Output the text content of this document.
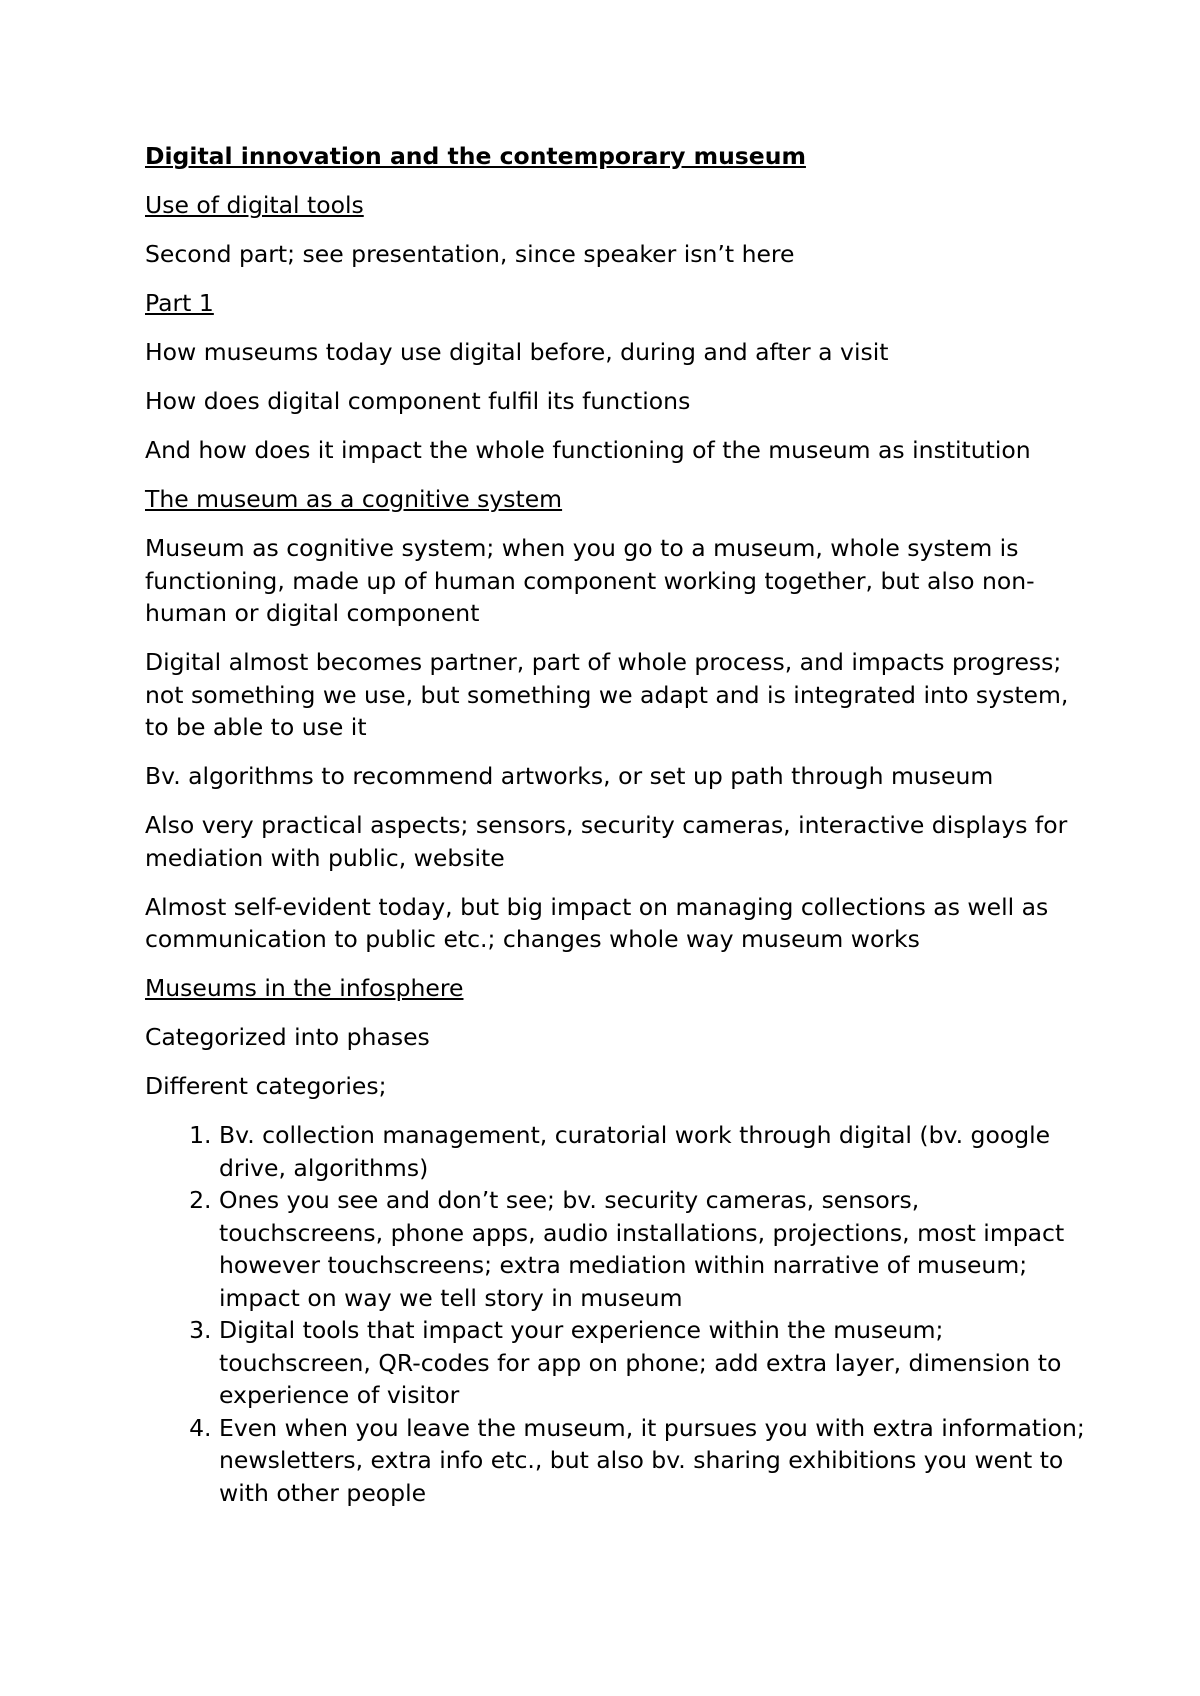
Digital innovation and the contemporary museum

Use of digital tools

Second part; see presentation, since speaker isn’t here

Part 1

How museums today use digital before, during and after a visit

How does digital component fulfil its functions

And how does it impact the whole functioning of the museum as institution

The museum as a cognitive system

Museum as cognitive system; when you go to a museum, whole system is functioning, made up of human component working together, but also non-human or digital component

Digital almost becomes partner, part of whole process, and impacts progress; not something we use, but something we adapt and is integrated into system, to be able to use it

Bv. algorithms to recommend artworks, or set up path through museum

Also very practical aspects; sensors, security cameras, interactive displays for mediation with public, website

Almost self-evident today, but big impact on managing collections as well as communication to public etc.; changes whole way museum works

Museums in the infosphere

Categorized into phases

Different categories;

1. Bv. collection management, curatorial work through digital (bv. google drive, algorithms)
2. Ones you see and don’t see; bv. security cameras, sensors, touchscreens, phone apps, audio installations, projections, most impact however touchscreens; extra mediation within narrative of museum; impact on way we tell story in museum
3. Digital tools that impact your experience within the museum; touchscreen, QR-codes for app on phone; add extra layer, dimension to experience of visitor
4. Even when you leave the museum, it pursues you with extra information; newsletters, extra info etc., but also bv. sharing exhibitions you went to with other people
